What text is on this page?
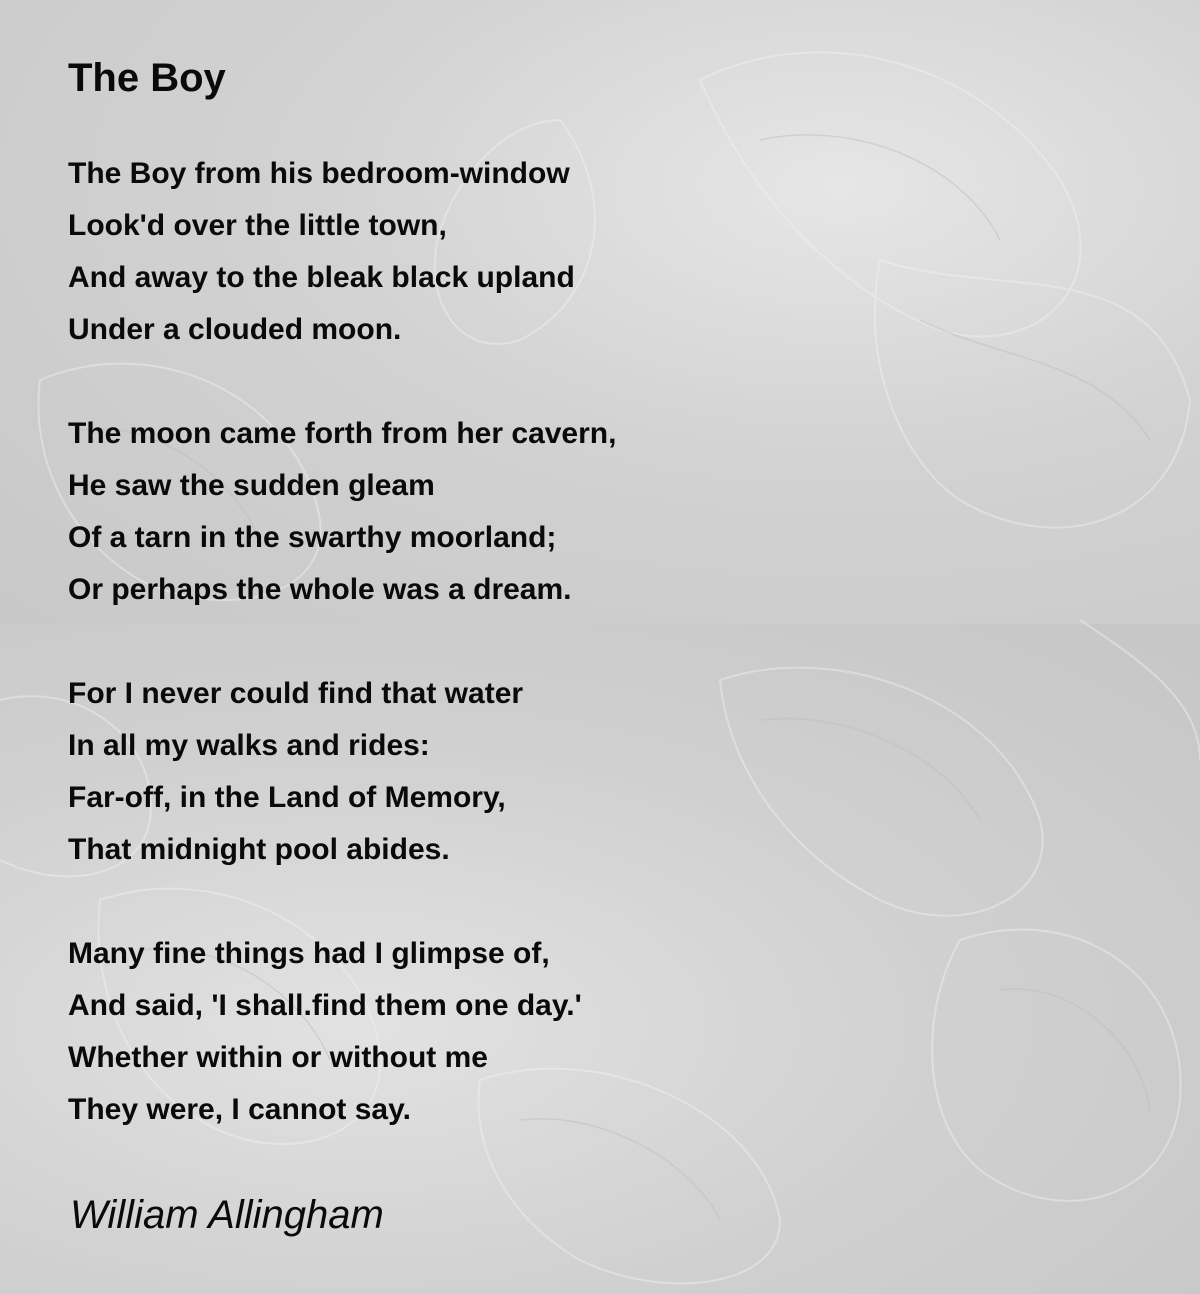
The Boy
The Boy from his bedroom-window
Look'd over the little town,
And away to the bleak black upland
Under a clouded moon.
The moon came forth from her cavern,
He saw the sudden gleam
Of a tarn in the swarthy moorland;
Or perhaps the whole was a dream.
For I never could find that water
In all my walks and rides:
Far-off, in the Land of Memory,
That midnight pool abides.
Many fine things had I glimpse of,
And said, 'I shall.find them one day.'
Whether within or without me
They were, I cannot say.
William Allingham
